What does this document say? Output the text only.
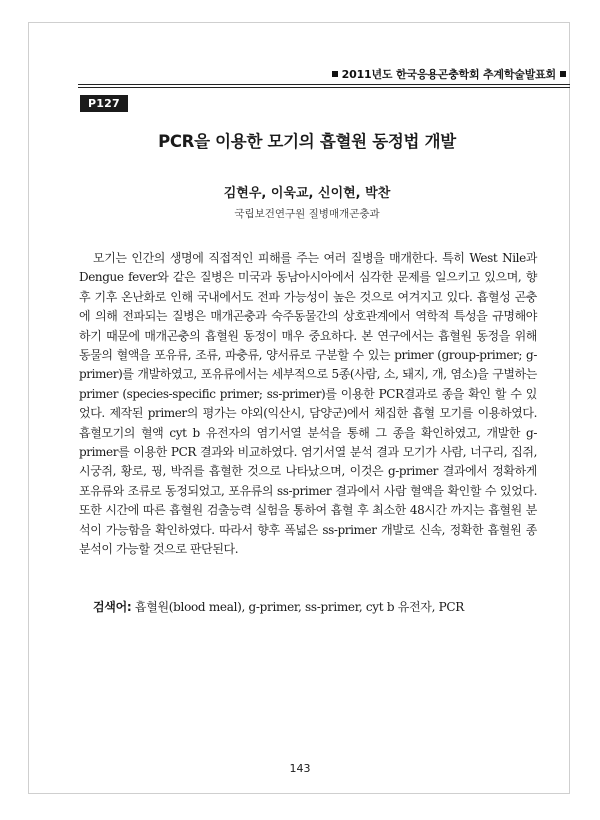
2011년도 한국응용곤충학회 추계학술발표회
P127
PCR을 이용한 모기의 흡혈원 동정법 개발

김현우, 이욱교, 신이현, 박찬

국립보건연구원 질병매개곤충과

모기는 인간의 생명에 직접적인 피해를 주는 여러 질병을 매개한다. 특히 West Nile과 Dengue fever와 같은 질병은 미국과 동남아시아에서 심각한 문제를 일으키고 있으며, 향후 기후 온난화로 인해 국내에서도 전파 가능성이 높은 것으로 여겨지고 있다. 흡혈성 곤충에 의해 전파되는 질병은 매개곤충과 숙주동물간의 상호관계에서 역학적 특성을 규명해야 하기 때문에 매개곤충의 흡혈원 동정이 매우 중요하다. 본 연구에서는 흡혈원 동정을 위해 동물의 혈액을 포유류, 조류, 파충류, 양서류로 구분할 수 있는 primer (group-primer; g-primer)를 개발하였고, 포유류에서는 세부적으로 5종(사람, 소, 돼지, 개, 염소)을 구별하는 primer (species-specific primer; ss-primer)를 이용한 PCR결과로 종을 확인 할 수 있었다. 제작된 primer의 평가는 야외(익산시, 담양군)에서 채집한 흡혈 모기를 이용하였다. 흡혈모기의 혈액 cyt b 유전자의 염기서열 분석을 통해 그 종을 확인하였고, 개발한 g-primer를 이용한 PCR 결과와 비교하였다. 염기서열 분석 결과 모기가 사람, 너구리, 집쥐, 시궁쥐, 황로, 꿩, 박쥐를 흡혈한 것으로 나타났으며, 이것은 g-primer 결과에서 정확하게 포유류와 조류로 동정되었고, 포유류의 ss-primer 결과에서 사람 혈액을 확인할 수 있었다. 또한 시간에 따른 흡혈원 검출능력 실험을 통하여 흡혈 후 최소한 48시간 까지는 흡혈원 분석이 가능함을 확인하였다. 따라서 향후 폭넓은 ss-primer 개발로 신속, 정확한 흡혈원 종 분석이 가능할 것으로 판단된다.

검색어: 흡혈원(blood meal), g-primer, ss-primer, cyt b 유전자, PCR

143
